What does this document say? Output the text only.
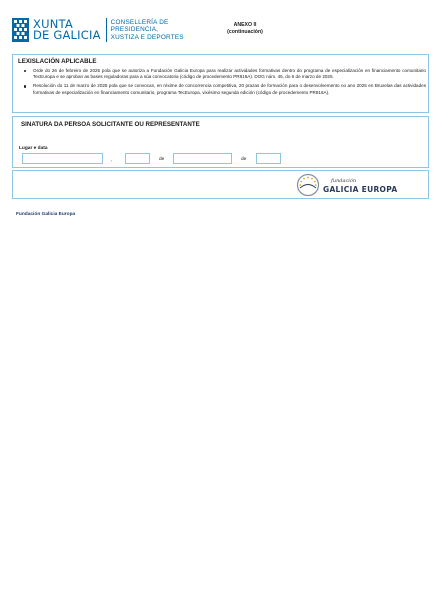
XUNTA
DE GALICIA
CONSELLERÍA DE
PRESIDENCIA,
XUSTIZA E DEPORTES
ANEXO II
(continuación)
LEXISLACIÓN APLICABLE
Orde do 26 de febreiro de 2025 pola que se autoriza a Fundación Galicia Europa para realizar actividades formativas dentro do programa de especialización en financiamento comunitario TecEuropa e se aproban as bases reguladoras para a súa convocatoria (código de procedemento PR816A). DOG núm. 45, do 6 de marzo de 2025.
Resolución do 11 de marzo de 2025 pola que se convocan, en réxime de concorrencia competitiva, 20 prazas de formación para o desenvolvemento no ano 2025 en Bruxelas das actividades formativas de especialización en financiamento comunitario, programa TecEuropa, vixésimo segunda edición (código de procedemento PR816A).
SINATURA DA PERSOA SOLICITANTE OU REPRESENTANTE
Lugar e data
,	de	de
fundación
GALICIA EUROPA
Fundación Galicia Europa
